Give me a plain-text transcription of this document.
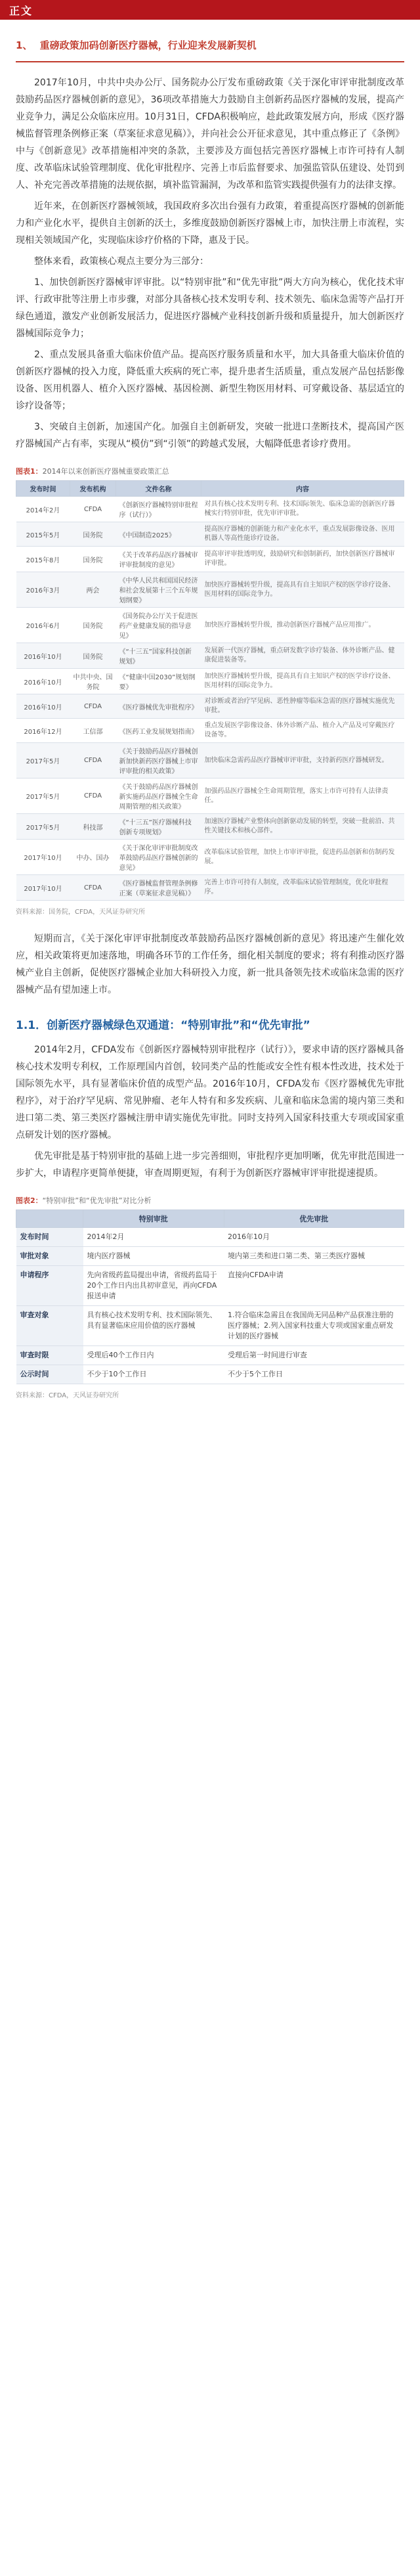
正文
1、 重磅政策加码创新医疗器械，行业迎来发展新契机

2017年10月，中共中央办公厅、国务院办公厅发布重磅政策《关于深化审评审批制度改革鼓励药品医疗器械创新的意见》，36项改革措施大力鼓励自主创新药品医疗器械的发展，提高产业竞争力，满足公众临床应用。10月31日，CFDA积极响应，趁此政策发展方向，形成《医疗器械监督管理条例修正案（草案征求意见稿）》，并向社会公开征求意见，其中重点修正了《条例》中与《创新意见》改革措施相冲突的条款，主要涉及方面包括完善医疗器械上市许可持有人制度、改革临床试验管理制度、优化审批程序、完善上市后监督要求、加强监管队伍建设、处罚到人、补充完善改革措施的法规依据，填补监管漏洞，为改革和监管实践提供强有力的法律支撑。

近年来，在创新医疗器械领域，我国政府多次出台强有力政策，着重提高医疗器械的创新能力和产业化水平，提供自主创新的沃土，多维度鼓励创新医疗器械上市，加快注册上市流程，实现相关领域国产化，实现临床诊疗价格的下降，惠及于民。

整体来看，政策核心观点主要分为三部分：

1、加快创新医疗器械审评审批。以“特别审批”和“优先审批”两大方向为核心，优化技术审评、行政审批等注册上市步骤，对部分具备核心技术发明专利、技术领先、临床急需等产品打开绿色通道，激发产业创新发展活力，促进医疗器械产业科技创新升级和质量提升，加大创新医疗器械国际竞争力；

2、重点发展具备重大临床价值产品。提高医疗服务质量和水平，加大具备重大临床价值的创新医疗器械的投入力度，降低重大疾病的死亡率，提升患者生活质量，重点发展产品包括影像设备、医用机器人、植介入医疗器械、基因检测、新型生物医用材料、可穿戴设备、基层适宜的诊疗设备等；

3、突破自主创新，加速国产化。加强自主创新研发，突破一批进口垄断技术，提高国产医疗器械国产占有率，实现从“模仿”到“引领”的跨越式发展，大幅降低患者诊疗费用。

图表1：2014年以来创新医疗器械重要政策汇总
发布时间	发布机构	文件名称	内容
2014年2月	CFDA	《创新医疗器械特别审批程序（试行）》	对具有核心技术发明专利、技术国际领先、临床急需的创新医疗器械实行特别审批，优先审评审批。
2015年5月	国务院	《中国制造2025》	提高医疗器械的创新能力和产业化水平，重点发展影像设备、医用机器人等高性能诊疗设备。
2015年8月	国务院	《关于改革药品医疗器械审评审批制度的意见》	提高审评审批透明度，鼓励研究和创制新药，加快创新医疗器械审评审批。
2016年3月	两会	《中华人民共和国国民经济和社会发展第十三个五年规划纲要》	加快医疗器械转型升级，提高具有自主知识产权的医学诊疗设备、医用材料的国际竞争力。
2016年6月	国务院	《国务院办公厅关于促进医药产业健康发展的指导意见》	加快医疗器械转型升级，推动创新医疗器械产品应用推广。
2016年10月	国务院	《“十三五”国家科技创新规划》	发展新一代医疗器械，重点研发数字诊疗装备、体外诊断产品、健康促进装备等。
2016年10月	中共中央、国务院	《“健康中国2030”规划纲要》	加快医疗器械转型升级，提高具有自主知识产权的医学诊疗设备、医用材料的国际竞争力。
2016年10月	CFDA	《医疗器械优先审批程序》	对诊断或者治疗罕见病、恶性肿瘤等临床急需的医疗器械实施优先审批。
2016年12月	工信部	《医药工业发展规划指南》	重点发展医学影像设备、体外诊断产品、植介入产品及可穿戴医疗设备等。
2017年5月	CFDA	《关于鼓励药品医疗器械创新加快新药医疗器械上市审评审批的相关政策》	加快临床急需药品医疗器械审评审批，支持新药医疗器械研发。
2017年5月	CFDA	《关于鼓励药品医疗器械创新实施药品医疗器械全生命周期管理的相关政策》	加强药品医疗器械全生命周期管理，落实上市许可持有人法律责任。
2017年5月	科技部	《“十三五”医疗器械科技创新专项规划》	加速医疗器械产业整体向创新驱动发展的转型，突破一批前沿、共性关键技术和核心部件。
2017年10月	中办、国办	《关于深化审评审批制度改革鼓励药品医疗器械创新的意见》	改革临床试验管理，加快上市审评审批，促进药品创新和仿制药发展。
2017年10月	CFDA	《医疗器械监督管理条例修正案（草案征求意见稿）》	完善上市许可持有人制度，改革临床试验管理制度，优化审批程序。
资料来源：国务院，CFDA，天风证券研究所

短期而言，《关于深化审评审批制度改革鼓励药品医疗器械创新的意见》将迅速产生催化效应，相关政策将更加速落地，明确各环节的工作任务，细化相关制度的要求；将有利推动医疗器械产业自主创新，促使医疗器械企业加大科研投入力度，新一批具备领先技术或临床急需的医疗器械产品有望加速上市。

1.1．创新医疗器械绿色双通道：“特别审批”和“优先审批”

2014年2月，CFDA发布《创新医疗器械特别审批程序（试行）》，要求申请的医疗器械具备核心技术发明专利权，工作原理国内首创，较同类产品的性能或安全性有根本性改进，技术处于国际领先水平，具有显著临床价值的成型产品。2016年10月，CFDA发布《医疗器械优先审批程序》，对于治疗罕见病、常见肿瘤、老年人特有和多发疾病、儿童和临床急需的境内第三类和进口第二类、第三类医疗器械注册申请实施优先审批。同时支持列入国家科技重大专项或国家重点研发计划的医疗器械。

优先审批是基于特别审批的基础上进一步完善细则，审批程序更加明晰，优先审批范围进一步扩大，申请程序更简单便捷，审查周期更短，有利于为创新医疗器械审评审批提速提质。

图表2：“特别审批”和“优先审批”对比分析
	特别审批	优先审批
发布时间	2014年2月	2016年10月
审批对象	境内医疗器械	境内第三类和进口第二类、第三类医疗器械
申请程序	先向省级药监局提出申请，省级药监局于20个工作日内出具初审意见，再向CFDA报送申请	直接向CFDA申请
审查对象	具有核心技术发明专利、技术国际领先、具有显著临床应用价值的医疗器械	1.符合临床急需且在我国尚无同品种产品获准注册的医疗器械；2.列入国家科技重大专项或国家重点研发计划的医疗器械
审查时限	受理后40个工作日内	受理后第一时间进行审查
公示时间	不少于10个工作日	不少于5个工作日
资料来源：CFDA，天风证券研究所
